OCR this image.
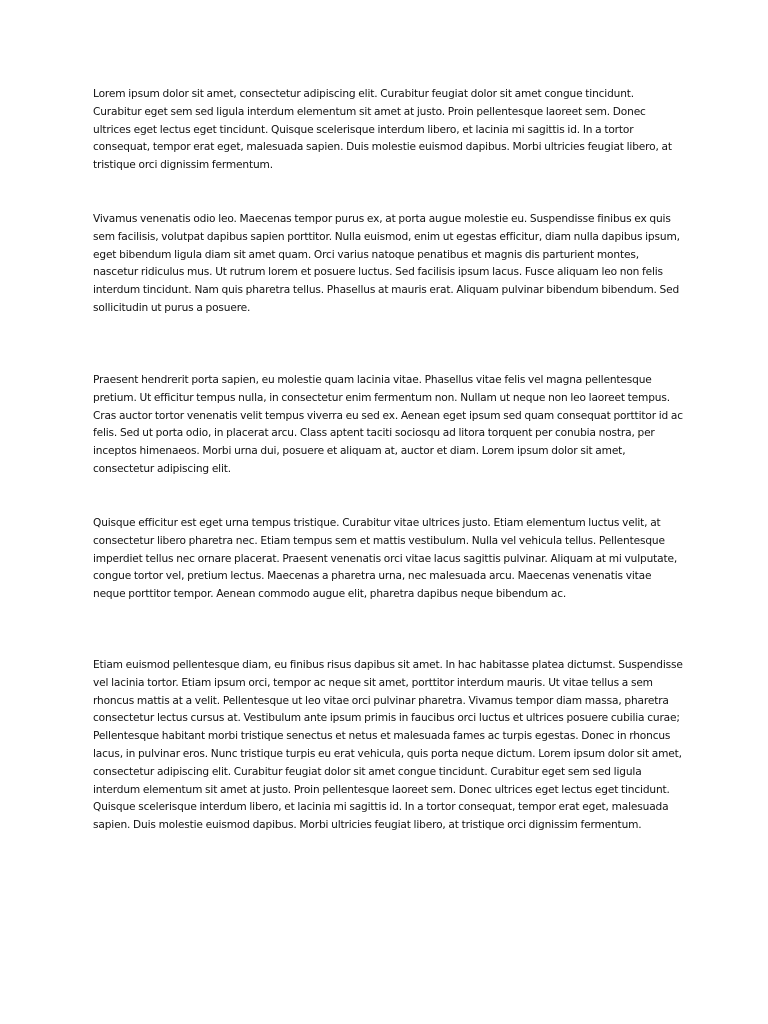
Lorem ipsum dolor sit amet, consectetur adipiscing elit. Curabitur feugiat dolor sit amet congue tincidunt. Curabitur eget sem sed ligula interdum elementum sit amet at justo. Proin pellentesque laoreet sem. Donec ultrices eget lectus eget tincidunt. Quisque scelerisque interdum libero, et lacinia mi sagittis id. In a tortor consequat, tempor erat eget, malesuada sapien. Duis molestie euismod dapibus. Morbi ultricies feugiat libero, at tristique orci dignissim fermentum.

Vivamus venenatis odio leo. Maecenas tempor purus ex, at porta augue molestie eu. Suspendisse finibus ex quis sem facilisis, volutpat dapibus sapien porttitor. Nulla euismod, enim ut egestas efficitur, diam nulla dapibus ipsum, eget bibendum ligula diam sit amet quam. Orci varius natoque penatibus et magnis dis parturient montes, nascetur ridiculus mus. Ut rutrum lorem et posuere luctus. Sed facilisis ipsum lacus. Fusce aliquam leo non felis interdum tincidunt. Nam quis pharetra tellus. Phasellus at mauris erat. Aliquam pulvinar bibendum bibendum. Sed sollicitudin ut purus a posuere.

Praesent hendrerit porta sapien, eu molestie quam lacinia vitae. Phasellus vitae felis vel magna pellentesque pretium. Ut efficitur tempus nulla, in consectetur enim fermentum non. Nullam ut neque non leo laoreet tempus. Cras auctor tortor venenatis velit tempus viverra eu sed ex. Aenean eget ipsum sed quam consequat porttitor id ac felis. Sed ut porta odio, in placerat arcu. Class aptent taciti sociosqu ad litora torquent per conubia nostra, per inceptos himenaeos. Morbi urna dui, posuere et aliquam at, auctor et diam. Lorem ipsum dolor sit amet, consectetur adipiscing elit.

Quisque efficitur est eget urna tempus tristique. Curabitur vitae ultrices justo. Etiam elementum luctus velit, at consectetur libero pharetra nec. Etiam tempus sem et mattis vestibulum. Nulla vel vehicula tellus. Pellentesque imperdiet tellus nec ornare placerat. Praesent venenatis orci vitae lacus sagittis pulvinar. Aliquam at mi vulputate, congue tortor vel, pretium lectus. Maecenas a pharetra urna, nec malesuada arcu. Maecenas venenatis vitae neque porttitor tempor. Aenean commodo augue elit, pharetra dapibus neque bibendum ac.

Etiam euismod pellentesque diam, eu finibus risus dapibus sit amet. In hac habitasse platea dictumst. Suspendisse vel lacinia tortor. Etiam ipsum orci, tempor ac neque sit amet, porttitor interdum mauris. Ut vitae tellus a sem rhoncus mattis at a velit. Pellentesque ut leo vitae orci pulvinar pharetra. Vivamus tempor diam massa, pharetra consectetur lectus cursus at. Vestibulum ante ipsum primis in faucibus orci luctus et ultrices posuere cubilia curae; Pellentesque habitant morbi tristique senectus et netus et malesuada fames ac turpis egestas. Donec in rhoncus lacus, in pulvinar eros. Nunc tristique turpis eu erat vehicula, quis porta neque dictum. Lorem ipsum dolor sit amet, consectetur adipiscing elit. Curabitur feugiat dolor sit amet congue tincidunt. Curabitur eget sem sed ligula interdum elementum sit amet at justo. Proin pellentesque laoreet sem. Donec ultrices eget lectus eget tincidunt. Quisque scelerisque interdum libero, et lacinia mi sagittis id. In a tortor consequat, tempor erat eget, malesuada sapien. Duis molestie euismod dapibus. Morbi ultricies feugiat libero, at tristique orci dignissim fermentum.
